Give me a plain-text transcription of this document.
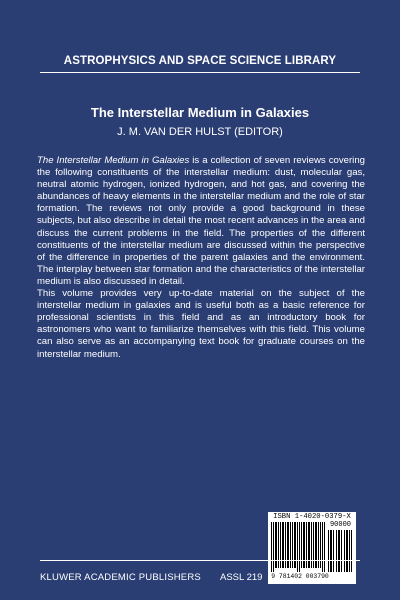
ASTROPHYSICS AND SPACE SCIENCE LIBRARY
The Interstellar Medium in Galaxies
J. M. VAN DER HULST (EDITOR)

The Interstellar Medium in Galaxies is a collection of seven reviews covering the following constituents of the interstellar medium: dust, molecular gas, neutral atomic hydrogen, ionized hydrogen, and hot gas, and covering the abundances of heavy elements in the interstellar medium and the role of star formation. The reviews not only provide a good background in these subjects, but also describe in detail the most recent advances in the area and discuss the current problems in the field. The properties of the different constituents of the interstellar medium are discussed within the perspective of the difference in properties of the parent galaxies and the environment. The interplay between star formation and the characteristics of the interstellar medium is also discussed in detail.

This volume provides very up-to-date material on the subject of the interstellar medium in galaxies and is useful both as a basic reference for professional scientists in this field and as an introductory book for astronomers who want to familiarize themselves with this field. This volume can also serve as an accompanying text book for graduate courses on the interstellar medium.

ISBN 1-4020-0379-X
90000
9 781402 003790
KLUWER ACADEMIC PUBLISHERS ASSL 219
